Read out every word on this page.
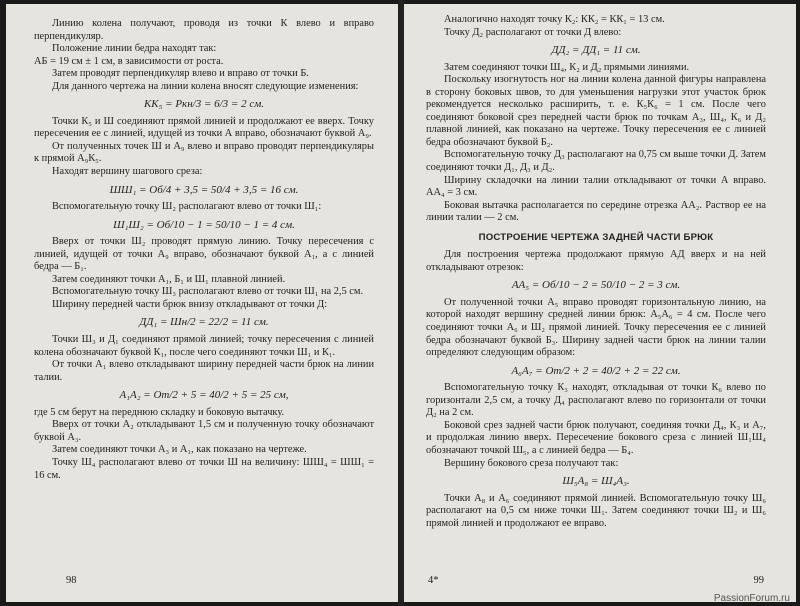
Линию колена получают, проводя из точки К влево и вправо перпендикуляр.

Положение линии бедра находят так:

АБ = 19 см ± 1 см, в зависимости от роста.

Затем проводят перпендикуляр влево и вправо от точки Б.

Для данного чертежа на линии колена вносят следующие изменения:

КК₅ = Ркн/3 = 6/3 = 2 см.

Точки К₅ и Ш соединяют прямой линией и продолжают ее вверх. Точку пересечения ее с линией, идущей из точки А вправо, обозначают буквой А₉.

От полученных точек Ш и А₉ влево и вправо проводят перпендикуляры к прямой А₉К₅.

Находят вершину шагового среза:

ШШ₁ = Об/4 + 3,5 = 50/4 + 3,5 = 16 см.

Вспомогательную точку Ш₂ располагают влево от точки Ш₁:

Ш₁Ш₂ = Об/10 − 1 = 50/10 − 1 = 4 см.

Вверх от точки Ш₂ проводят прямую линию. Точку пересечения с линией, идущей от точки А₉ вправо, обозначают буквой А₁, а с линией бедра — Б₁.

Затем соединяют точки А₁, Б₁ и Ш₁ плавной линией.

Вспомогательную точку Ш₃ располагают влево от точки Ш₁ на 2,5 см.

Ширину передней части брюк внизу откладывают от точки Д:

ДД₁ = Шн/2 = 22/2 = 11 см.

Точки Ш₃ и Д₁ соединяют прямой линией; точку пересечения с линией колена обозначают буквой К₁, после чего соединяют точки Ш₁ и К₁.

От точки А₁ влево откладывают ширину передней части брюк на линии талии.

А₁А₂ = От/2 + 5 = 40/2 + 5 = 25 см,

где 5 см берут на переднюю складку и боковую вытачку.

Вверх от точки А₂ откладывают 1,5 см и полученную точку обозначают буквой А₃.

Затем соединяют точки А₃ и А₁, как показано на чертеже.

Точку Ш₄ располагают влево от точки Ш на величину: ШШ₄ = ШШ₁ = 16 см.

98

Аналогично находят точку К₂: КК₂ = КК₁ = 13 см.

Точку Д₂ располагают от точки Д влево:

ДД₂ = ДД₁ = 11 см.

Затем соединяют точки Ш₄, К₂ и Д₂ прямыми линиями.

Поскольку изогнутость ног на линии колена данной фигуры направлена в сторону боковых швов, то для уменьшения нагрузки этот участок брюк рекомендуется несколько расширить, т. е. К₅К₆ = 1 см. После чего соединяют боковой срез передней части брюк по точкам А₃, Ш₄, К₆ и Д₂ плавной линией, как показано на чертеже. Точку пересечения ее с линией бедра обозначают буквой Б₂.

Вспомогательную точку Д₃ располагают на 0,75 см выше точки Д. Затем соединяют точки Д₁, Д₃ и Д₂.

Ширину складочки на линии талии откладывают от точки А вправо. АА₄ = 3 см.

Боковая вытачка располагается по середине отрезка АА₂. Раствор ее на линии талии — 2 см.

ПОСТРОЕНИЕ ЧЕРТЕЖА ЗАДНЕЙ ЧАСТИ БРЮК

Для построения чертежа продолжают прямую АД вверх и на ней откладывают отрезок:

АА₅ = Об/10 − 2 = 50/10 − 2 = 3 см.

От полученной точки А₅ вправо проводят горизонтальную линию, на которой находят вершину средней линии брюк: А₅А₆ = 4 см. После чего соединяют точки А₆ и Ш₂ прямой линией. Точку пересечения ее с линией бедра обозначают буквой Б₃. Ширину задней части брюк на линии талии определяют следующим образом:

А₆А₇ = От/2 + 2 = 40/2 + 2 = 22 см.

Вспомогательную точку К₃ находят, откладывая от точки К₆ влево по горизонтали 2,5 см, а точку Д₄ располагают влево по горизонтали от точки Д₂ на 2 см.

Боковой срез задней части брюк получают, соединяя точки Д₄, К₃ и А₇, и продолжая линию вверх. Пересечение бокового среза с линией Ш₁Ш₄ обозначают точкой Ш₅, а с линией бедра — Б₄.

Вершину бокового среза получают так:

Ш₅А₈ = Ш₄А₃.

Точки А₈ и А₆ соединяют прямой линией. Вспомогательную точку Ш₆ располагают на 0,5 см ниже точки Ш₁. Затем соединяют точки Ш₂ и Ш₆ прямой линией и продолжают ее вправо.

4*	99
PassionForum.ru
